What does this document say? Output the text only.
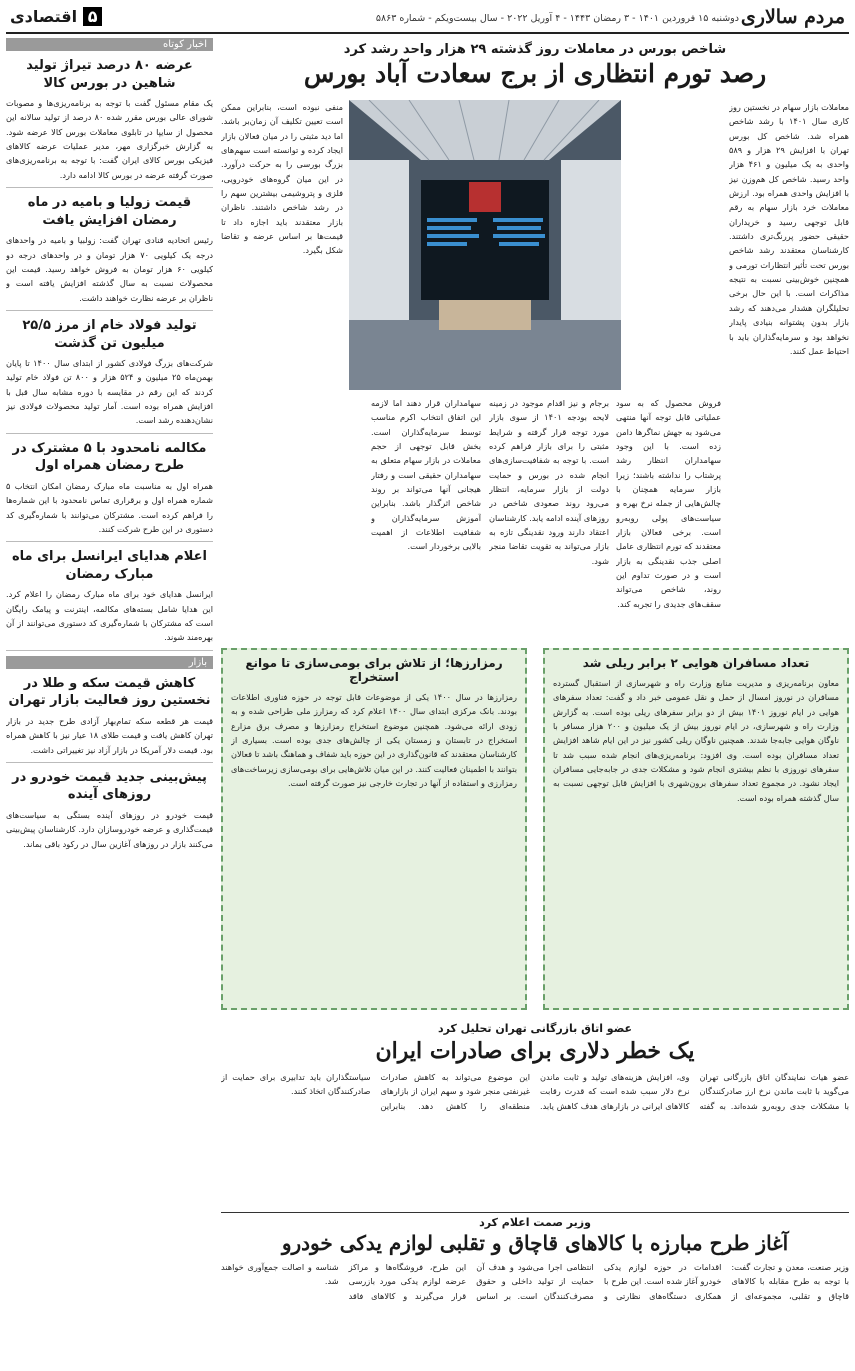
مردم سالاری
دوشنبه ۱۵ فروردین ۱۴۰۱ - ۳ رمضان ۱۴۴۳ - ۴ آوریل ۲۰۲۲ - سال بیست‌ویکم - شماره ۵۸۶۳
۵ اقتصادی
اخبار کوتاه
عرضه ۸۰ درصد تیراژ تولید شاهین در بورس کالا
یک مقام مسئول گفت با توجه به برنامه‌ریزی‌ها و مصوبات شورای عالی بورس مقرر شده ۸۰ درصد از تولید سالانه این محصول از سایپا در تابلوی معاملات بورس کالا عرضه شود. به گزارش خبرگزاری مهر، مدیر عملیات عرضه کالاهای فیزیکی بورس کالای ایران گفت: با توجه به برنامه‌ریزی‌های صورت گرفته عرضه در بورس کالا ادامه دارد.
قیمت زولیا و بامیه در ماه رمضان افزایش یافت
رئیس اتحادیه قنادی تهران گفت: زولبیا و بامیه در واحدهای درجه یک کیلویی ۷۰ هزار تومان و در واحدهای درجه دو کیلویی ۶۰ هزار تومان به فروش خواهد رسید. قیمت این محصولات نسبت به سال گذشته افزایش یافته است و ناظران بر عرضه نظارت خواهند داشت.
تولید فولاد خام از مرز ۲۵/۵ میلیون تن گذشت
شرکت‌های بزرگ فولادی کشور از ابتدای سال ۱۴۰۰ تا پایان بهمن‌ماه ۲۵ میلیون و ۵۲۴ هزار و ۸۰۰ تن فولاد خام تولید کردند که این رقم در مقایسه با دوره مشابه سال قبل با افزایش همراه بوده است. آمار تولید محصولات فولادی نیز نشان‌دهنده رشد است.
مکالمه نامحدود با ۵ مشترک در طرح رمضان همراه اول
همراه اول به مناسبت ماه مبارک رمضان امکان انتخاب ۵ شماره همراه اول و برقراری تماس نامحدود با این شماره‌ها را فراهم کرده است. مشترکان می‌توانند با شماره‌گیری کد دستوری در این طرح شرکت کنند.
اعلام هدایای ایرانسل برای ماه مبارک رمضان
ایرانسل هدایای خود برای ماه مبارک رمضان را اعلام کرد. این هدایا شامل بسته‌های مکالمه، اینترنت و پیامک رایگان است که مشترکان با شماره‌گیری کد دستوری می‌توانند از آن بهره‌مند شوند.
بازار
کاهش قیمت سکه و طلا در نخستین روز فعالیت بازار تهران
قیمت هر قطعه سکه تمام‌بهار آزادی طرح جدید در بازار تهران کاهش یافت و قیمت طلای ۱۸ عیار نیز با کاهش همراه بود. قیمت دلار آمریکا در بازار آزاد نیز تغییراتی داشت.
پیش‌بینی جدید قیمت خودرو در روزهای آینده
قیمت خودرو در روزهای آینده بستگی به سیاست‌های قیمت‌گذاری و عرضه خودروسازان دارد. کارشناسان پیش‌بینی می‌کنند بازار در روزهای آغازین سال در رکود باقی بماند.
شاخص بورس در معاملات روز گذشته ۲۹ هزار واحد رشد کرد
رصد تورم انتظاری از برج سعادت آباد بورس
معاملات بازار سهام در نخستین روز کاری سال ۱۴۰۱ با رشد شاخص همراه شد. شاخص کل بورس تهران با افزایش ۲۹ هزار و ۵۸۹ واحدی به یک میلیون و ۴۶۱ هزار واحد رسید. شاخص کل هم‌وزن نیز با افزایش واحدی همراه بود. ارزش معاملات خرد بازار سهام به رقم قابل توجهی رسید و خریداران حقیقی حضور پررنگ‌تری داشتند. کارشناسان معتقدند رشد شاخص بورس تحت تأثیر انتظارات تورمی و همچنین خوش‌بینی نسبت به نتیجه مذاکرات است. با این حال برخی تحلیلگران هشدار می‌دهند که رشد بازار بدون پشتوانه بنیادی پایدار نخواهد بود و سرمایه‌گذاران باید با احتیاط عمل کنند.
منفی نبوده است، بنابراین ممکن است تعیین تکلیف آن زمان‌بر باشد. اما دید مثبتی را در میان فعالان بازار ایجاد کرده و توانسته است سهم‌های بزرگ بورسی را به حرکت درآورد. در این میان گروه‌های خودرویی، فلزی و پتروشیمی بیشترین سهم را در رشد شاخص داشتند. ناظران بازار معتقدند باید اجازه داد تا قیمت‌ها بر اساس عرضه و تقاضا شکل بگیرد.
فروش محصول که به سود عملیاتی قابل توجه آنها منتهی می‌شود به جهش نماگرها دامن زده است. با این وجود سهامداران انتظار رشد پرشتاب را نداشته باشند؛ زیرا بازار سرمایه همچنان با چالش‌هایی از جمله نرخ بهره و سیاست‌های پولی روبه‌رو است. برخی فعالان بازار معتقدند که تورم انتظاری عامل اصلی جذب نقدینگی به بازار است و در صورت تداوم این روند، شاخص می‌تواند سقف‌های جدیدی را تجربه کند.
برجام و نیز اقدام موجود در زمینه لایحه بودجه ۱۴۰۱ از سوی بازار مورد توجه قرار گرفته و شرایط مثبتی را برای بازار فراهم کرده است. با توجه به شفافیت‌سازی‌های انجام شده در بورس و حمایت دولت از بازار سرمایه، انتظار می‌رود روند صعودی شاخص در روزهای آینده ادامه یابد. کارشناسان اعتقاد دارند ورود نقدینگی تازه به بازار می‌تواند به تقویت تقاضا منجر شود.
سهامداران قرار دهند اما لازمه این اتفاق انتخاب اکرم مناسب توسط سرمایه‌گذاران است. بخش قابل توجهی از حجم معاملات در بازار سهام متعلق به سهامداران حقیقی است و رفتار هیجانی آنها می‌تواند بر روند شاخص اثرگذار باشد. بنابراین آموزش سرمایه‌گذاران و شفافیت اطلاعات از اهمیت بالایی برخوردار است.
تعداد مسافران هوایی ۲ برابر ریلی شد
معاون برنامه‌ریزی و مدیریت منابع وزارت راه و شهرسازی از استقبال گسترده مسافران در نوروز امسال از حمل و نقل عمومی خبر داد و گفت: تعداد سفرهای هوایی در ایام نوروز ۱۴۰۱ بیش از دو برابر سفرهای ریلی بوده است. به گزارش وزارت راه و شهرسازی، در ایام نوروز بیش از یک میلیون و ۲۰۰ هزار مسافر با ناوگان هوایی جابه‌جا شدند. همچنین ناوگان ریلی کشور نیز در این ایام شاهد افزایش تعداد مسافران بوده است. وی افزود: برنامه‌ریزی‌های انجام شده سبب شد تا سفرهای نوروزی با نظم بیشتری انجام شود و مشکلات جدی در جابه‌جایی مسافران ایجاد نشود. در مجموع تعداد سفرهای برون‌شهری با افزایش قابل توجهی نسبت به سال گذشته همراه بوده است.
رمزارزها؛ از تلاش برای بومی‌سازی تا موانع استخراج
رمزارزها در سال ۱۴۰۰ یکی از موضوعات قابل توجه در حوزه فناوری اطلاعات بودند. بانک مرکزی ابتدای سال ۱۴۰۰ اعلام کرد که رمزارز ملی طراحی شده و به زودی ارائه می‌شود. همچنین موضوع استخراج رمزارزها و مصرف برق مزارع استخراج در تابستان و زمستان یکی از چالش‌های جدی بوده است. بسیاری از کارشناسان معتقدند که قانون‌گذاری در این حوزه باید شفاف و هماهنگ باشد تا فعالان بتوانند با اطمینان فعالیت کنند. در این میان تلاش‌هایی برای بومی‌سازی زیرساخت‌های رمزارزی و استفاده از آنها در تجارت خارجی نیز صورت گرفته است.
عضو اتاق بازرگانی تهران تحلیل کرد
یک خطر دلاری برای صادرات ایران
عضو هیات نمایندگان اتاق بازرگانی تهران می‌گوید با ثابت ماندن نرخ ارز صادرکنندگان با مشکلات جدی روبه‌رو شده‌اند. به گفته وی، افزایش هزینه‌های تولید و ثابت ماندن نرخ دلار سبب شده است که قدرت رقابت کالاهای ایرانی در بازارهای هدف کاهش یابد. این موضوع می‌تواند به کاهش صادرات غیرنفتی منجر شود و سهم ایران از بازارهای منطقه‌ای را کاهش دهد. بنابراین سیاستگذاران باید تدابیری برای حمایت از صادرکنندگان اتخاذ کنند.
وزیر صمت اعلام کرد
آغاز طرح مبارزه با کالاهای قاچاق و تقلبی لوازم یدکی خودرو
وزیر صنعت، معدن و تجارت گفت: با توجه به طرح مقابله با کالاهای قاچاق و تقلبی، مجموعه‌ای از اقدامات در حوزه لوازم یدکی خودرو آغاز شده است. این طرح با همکاری دستگاه‌های نظارتی و انتظامی اجرا می‌شود و هدف آن حمایت از تولید داخلی و حقوق مصرف‌کنندگان است. بر اساس این طرح، فروشگاه‌ها و مراکز عرضه لوازم یدکی مورد بازرسی قرار می‌گیرند و کالاهای فاقد شناسه و اصالت جمع‌آوری خواهند شد.
